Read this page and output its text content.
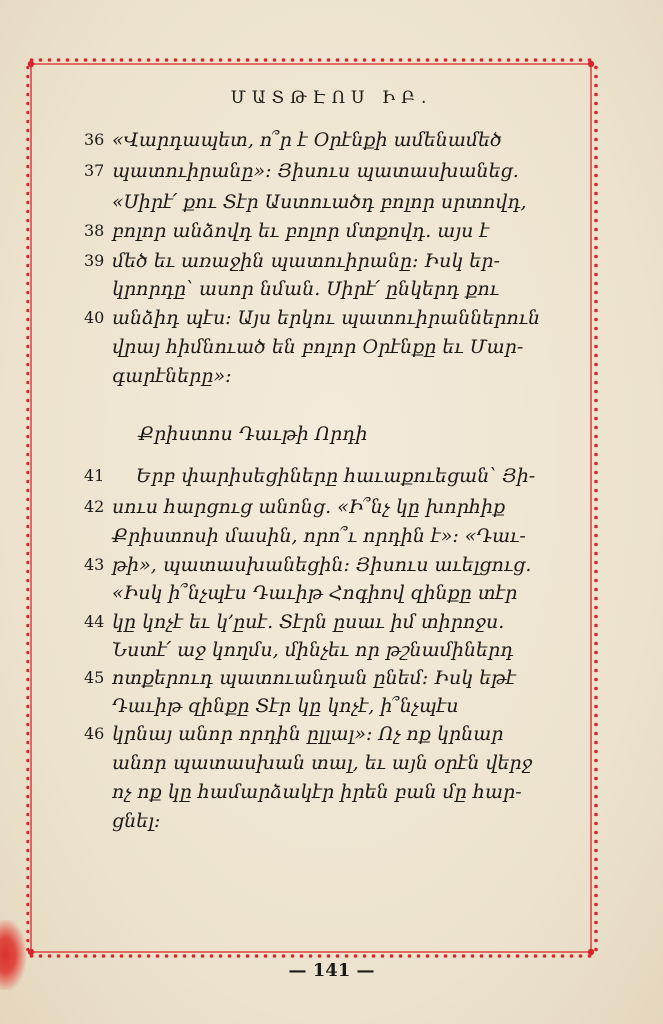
ՄԱՏԹԷՈՍ ԻԲ.
36
37
38
39
40
41
42
43
44
45
46
«Վարդապետ, ո՞ր է Օրէնքի ամենամեծ
պատուիրանը»: Յիսուս պատասխանեց.
«Սիրէ՛ քու Տէր Աստուածդ բոլոր սրտովդ,
բոլոր անձովդ եւ բոլոր մտքովդ. այս է
մեծ եւ առաջին պատուիրանը: Իսկ եր-
կրորդը՝ ասոր նման. Սիրէ՛ ընկերդ քու
անձիդ պէս: Այս երկու պատուիրաններուն
վրայ հիմնուած են բոլոր Օրէնքը եւ Մար-
գարէները»:
Քրիստոս Դաւթի Որդի
Երբ փարիսեցիները հաւաքուեցան՝ Յի-
սուս հարցուց անոնց. «Ի՞նչ կը խորհիք
Քրիստոսի մասին, որո՞ւ որդին է»: «Դաւ-
թի», պատասխանեցին: Յիսուս աւելցուց.
«Իսկ ի՞նչպէս Դաւիթ Հոգիով զինքը տէր
կը կոչէ եւ կ՚ըսէ. Տէրն ըսաւ իմ տիրոջս.
Նստէ՛ աջ կողմս, մինչեւ որ թշնամիներդ
ոտքերուդ պատուանդան ընեմ: Իսկ եթէ
Դաւիթ զինքը Տէր կը կոչէ, ի՞նչպէս
կրնայ անոր որդին ըլլալ»: Ոչ ոք կրնար
անոր պատասխան տալ, եւ այն օրէն վերջ
ոչ ոք կը համարձակէր իրեն բան մը հար-
ցնել:
— 141 —
